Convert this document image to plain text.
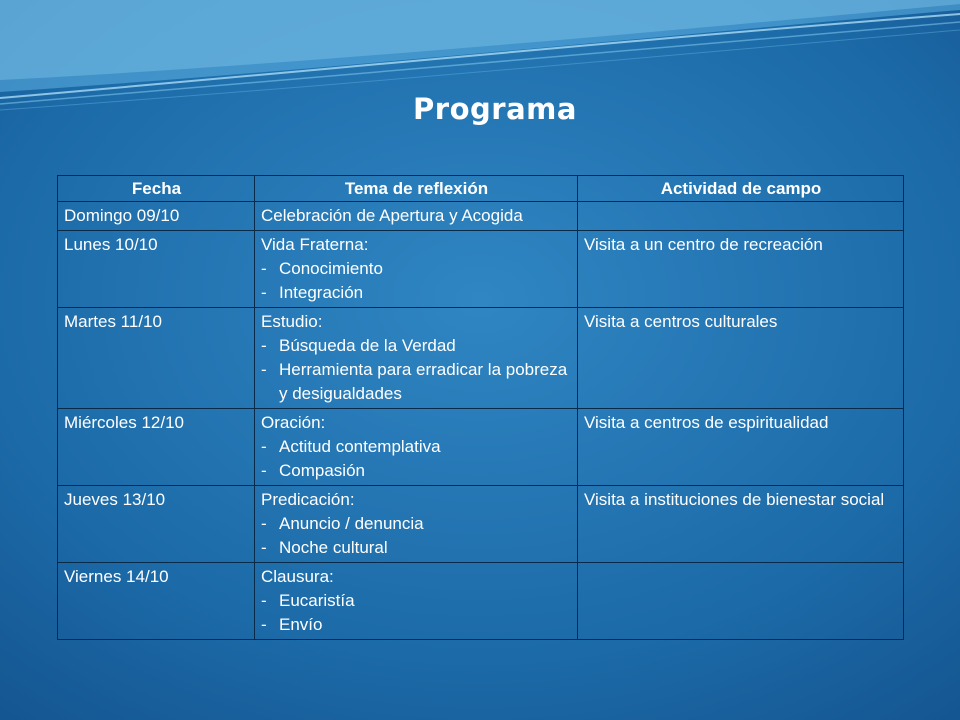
Programa
Fecha	Tema de reflexión	Actividad de campo
Domingo 09/10	Celebración de Apertura y Acogida	

Lunes 10/10	Vida Fraterna:
- Conocimiento
- Integración	Visita a un centro de recreación
Martes 11/10	Estudio:
- Búsqueda de la Verdad
- Herramienta para erradicar la pobreza y desigualdades	Visita a centros culturales
Miércoles 12/10	Oración:
- Actitud contemplativa
- Compasión	Visita a centros de espiritualidad
Jueves 13/10	Predicación:
- Anuncio / denuncia
- Noche cultural	Visita a instituciones de bienestar social
Viernes 14/10	Clausura:
- Eucaristía
- Envío	
